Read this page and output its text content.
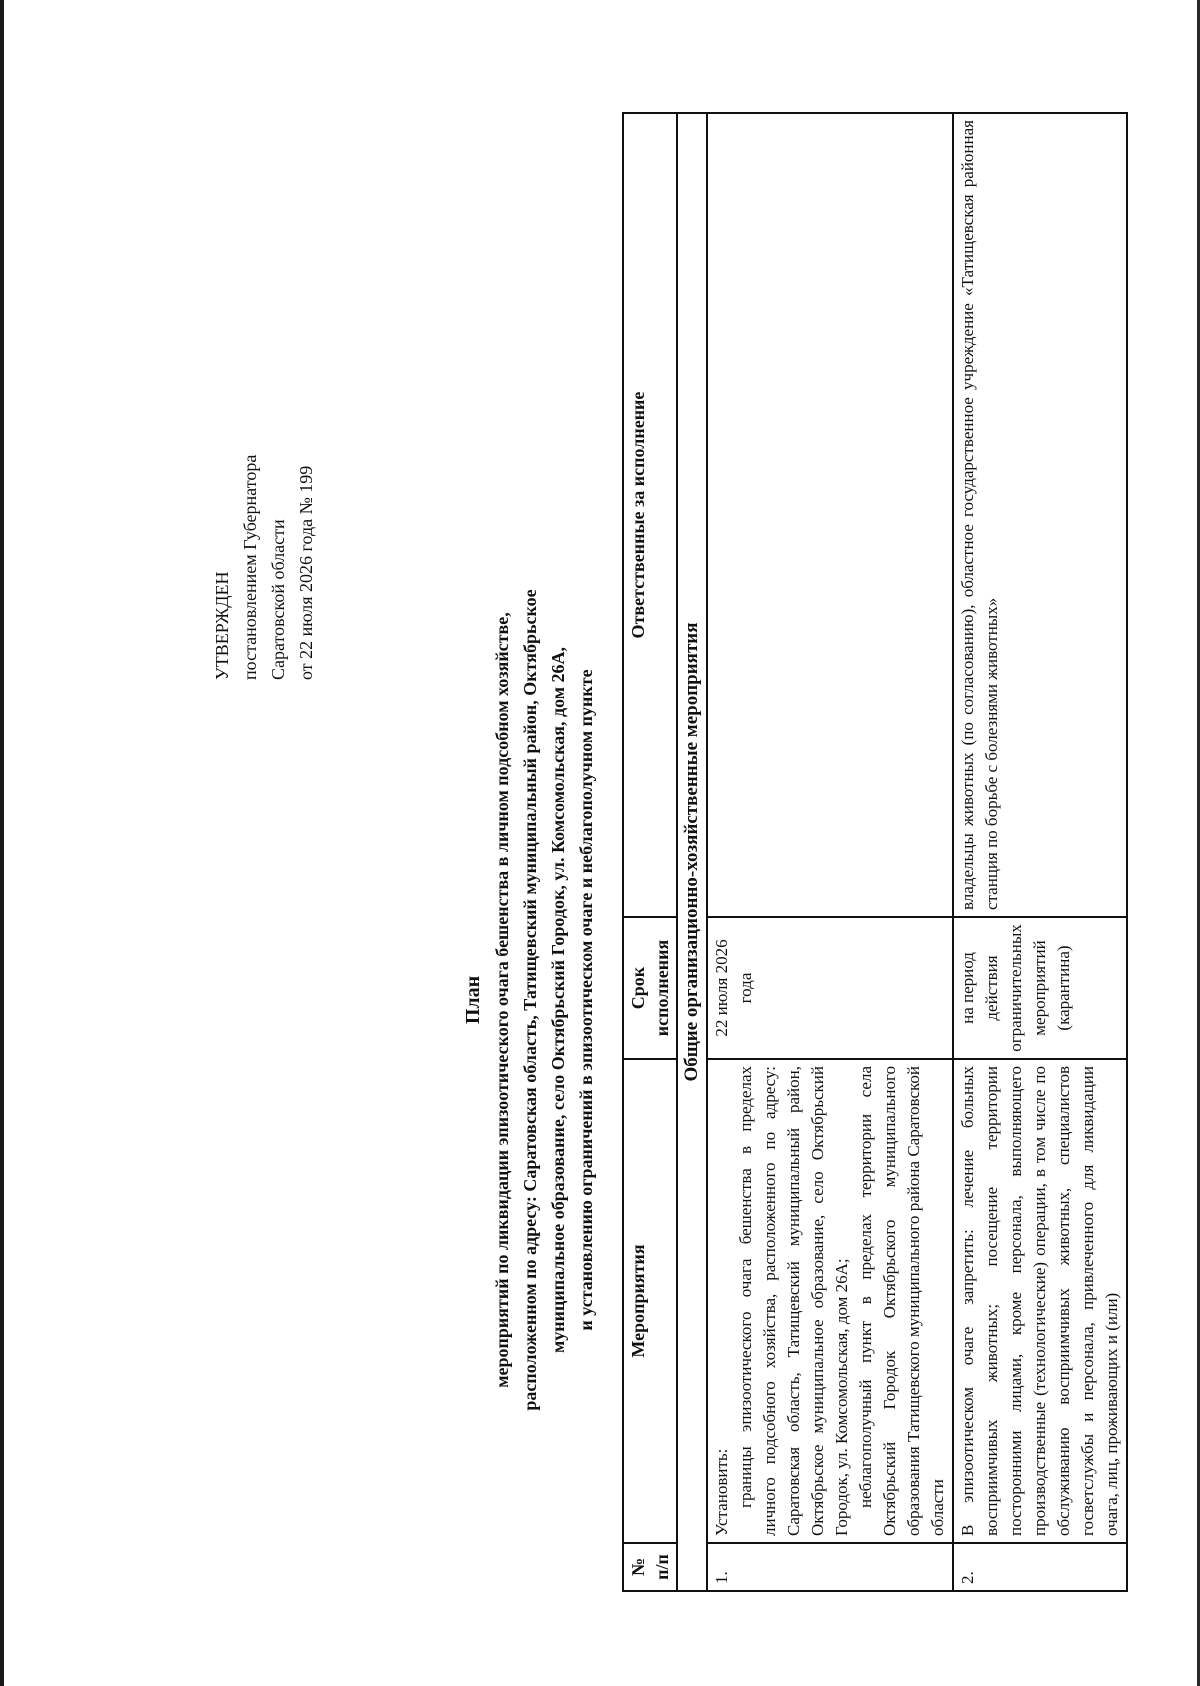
УТВЕРЖДЕН постановлением Губернатора Саратовской области от 22 июля 2026 года № 199
План мероприятий по ликвидации эпизоотического очага бешенства в личном подсобном хозяйстве, расположенном по адресу: Саратовская область, Татищевский муниципальный район, Октябрьское муниципальное образование, село Октябрьский Городок, ул. Комсомольская, дом 26А, и установлению ограничений в эпизоотическом очаге и неблагополучном пункте
№ п/п	Мероприятия	Срок исполнения	Ответственные за исполнение
Общие организационно-хозяйственные мероприятия			
1.	Установить: границы эпизоотического очага бешенства в пределах личного подсобного хозяйства, расположенного по адресу: Саратовская область, Татищевский муниципальный район, Октябрьское муниципальное образование, село Октябрьский Городок, ул. Комсомольская, дом 26А; неблагополучный пункт в пределах территории села Октябрьский Городок Октябрьского муниципального образования Татищевского муниципального района Саратовской области	22 июля 2026 года	
2.	В эпизоотическом очаге запретить: лечение больных восприимчивых животных; посещение территории посторонними лицами, кроме персонала, выполняющего производственные (технологические) операции, в том числе по обслуживанию восприимчивых животных, специалистов госветслужбы и персонала, привлеченного для ликвидации очага, лиц, проживающих и (или)	на период действия ограничительных мероприятий (карантина)	владельцы животных (по согласованию), областное государственное учреждение «Татищевская районная станция по борьбе с болезнями животных»
